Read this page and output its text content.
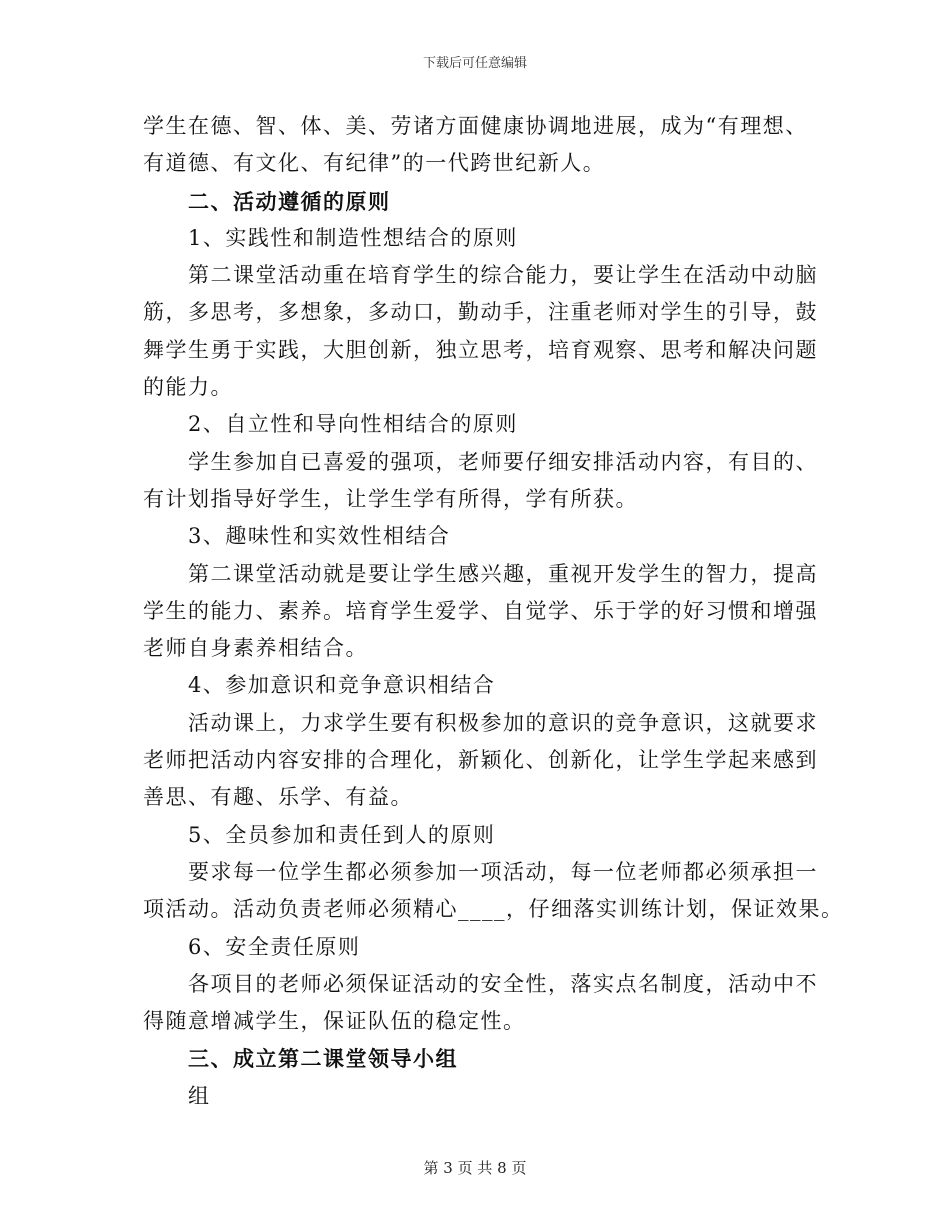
下载后可任意编辑
学生在德、智、体、美、劳诸方面健康协调地进展，成为“有理想、
有道德、有文化、有纪律”的一代跨世纪新人。
二、活动遵循的原则
1、实践性和制造性想结合的原则
第二课堂活动重在培育学生的综合能力，要让学生在活动中动脑
筋，多思考，多想象，多动口，勤动手，注重老师对学生的引导，鼓
舞学生勇于实践，大胆创新，独立思考，培育观察、思考和解决问题
的能力。
2、自立性和导向性相结合的原则
学生参加自已喜爱的强项，老师要仔细安排活动内容，有目的、
有计划指导好学生，让学生学有所得，学有所获。
3、趣味性和实效性相结合
第二课堂活动就是要让学生感兴趣，重视开发学生的智力，提高
学生的能力、素养。培育学生爱学、自觉学、乐于学的好习惯和增强
老师自身素养相结合。
4、参加意识和竞争意识相结合
活动课上，力求学生要有积极参加的意识的竞争意识，这就要求
老师把活动内容安排的合理化，新颖化、创新化，让学生学起来感到
善思、有趣、乐学、有益。
5、全员参加和责任到人的原则
要求每一位学生都必须参加一项活动，每一位老师都必须承担一
项活动。活动负责老师必须精心____，仔细落实训练计划，保证效果。
6、安全责任原则
各项目的老师必须保证活动的安全性，落实点名制度，活动中不
得随意增减学生，保证队伍的稳定性。
三、成立第二课堂领导小组
组
第 3 页 共 8 页
